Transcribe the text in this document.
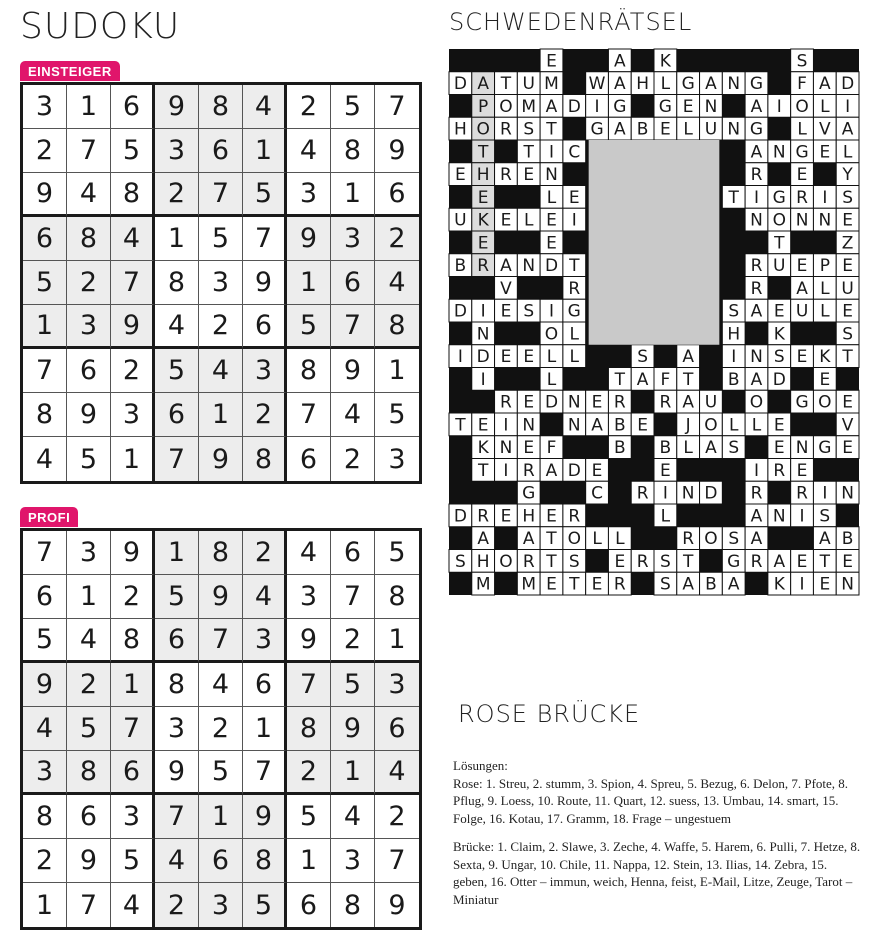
SUDOKU
EINSTEIGER
3 1 6	9 8 4	2 5	7
2 7 5	3 6 1	4 8	9
9 4 8	2 7 5	3 1	6
6 8 4	1 5 7	9 3	2
5 2 7	8 3 9	1 6	4
1 3 9	4 2 6	5 7	8
7 6 2	5 4 3	8 9	1
8 9 3	6 1 2	7 4	5
4 5 1	7 9 8	6 2	3
PROFI
7 3 9	1 8 2	4 6	5
6 1 2	5 9 4	3 7	8
5 4 8	6 7 3	9 2	1
9 2 1	8 4 6	7 5	3
4 5 7	3 2 1	8 9	6
3 8 6	9 5 7	2 1	4
8 6 3	7 1 9	5 4	2
2 9 5	4 6 8	1 3	7
1 7 4	2 3 5	6 8	9
SCHWEDENRÄTSEL
E	A K	S
D A T U M W A H L G A N G F A D
P O M A D I G G E N A I O L I
H O R S T G A B E L U N G L V A
T T I C	A N G E L
E H R E N	R E Y
E	L E	T I G R I S
U K E L E I	N O N N E
E	E	T	Z
B R A N D T	R U E P E
V	R	R A L U
D I E S I G	S A E U L E
N	O L	H K	S
I D E E L L	S A I N S E K T
I	L	T A F T B A D E
R E D N E R R A U O G O E
T E I N N A B E J O L L E	V
K N E F	B B L A S E N G E
T I R A D E	E	I R E
G	C R I N D R R I N
D R E H E R	L	A N I S
A A T O L L	R O S A	A B
S H O R T S E R S T G R A E T E
M M E T E R S A B A K I E N
ROSE BRÜCKE
Lösungen:

Rose: 1. Streu, 2. stumm, 3. Spion, 4. Spreu, 5. Bezug, 6. Delon, 7. Pfote, 8. Pflug, 9. Loess, 10. Route, 11. Quart, 12. suess, 13. Umbau, 14. smart, 15. Folge, 16. Kotau, 17. Gramm, 18. Frage – ungestuem

Brücke: 1. Claim, 2. Slawe, 3. Zeche, 4. Waffe, 5. Harem, 6. Pulli, 7. Hetze, 8. Sexta, 9. Ungar, 10. Chile, 11. Nappa, 12. Stein, 13. Ilias, 14. Zebra, 15. geben, 16. Otter – immun, weich, Henna, feist, E-Mail, Litze, Zeuge, Tarot – Miniatur
